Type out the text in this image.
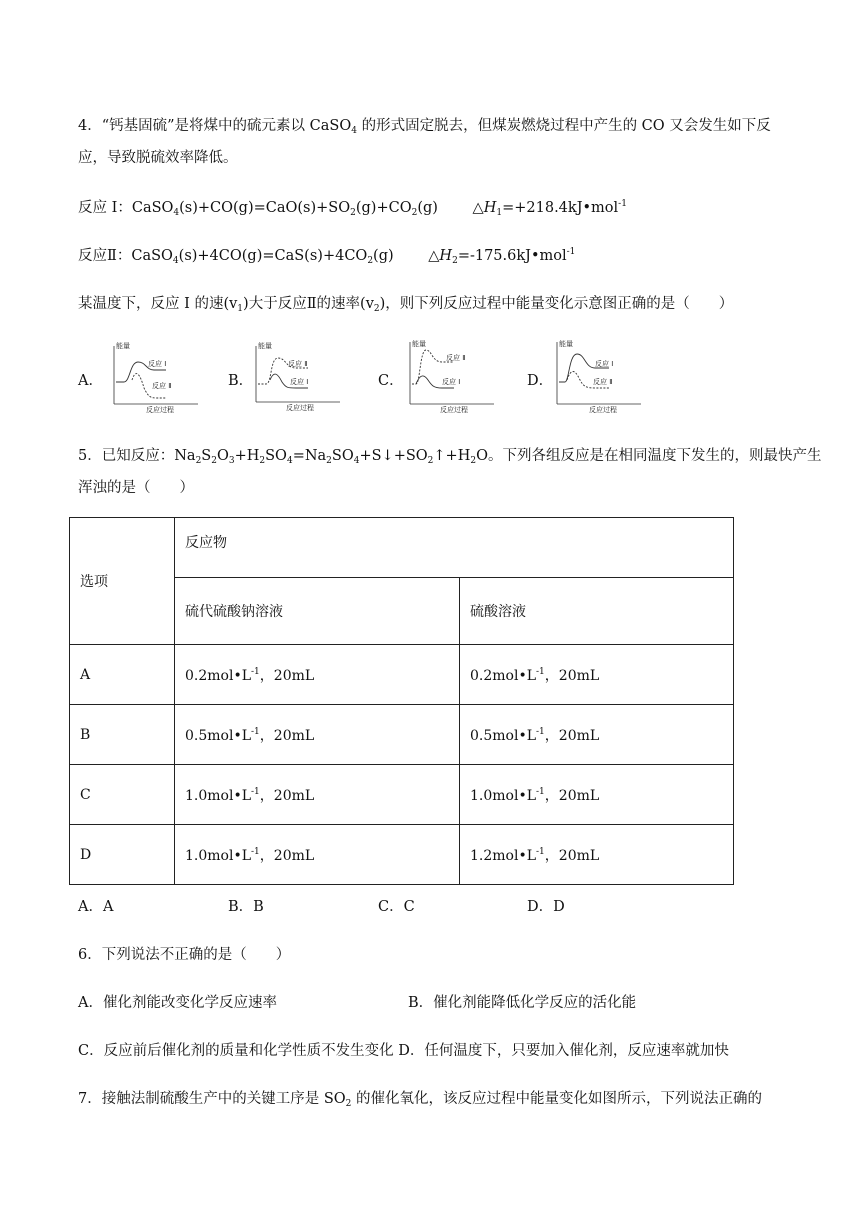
4．“钙基固硫”是将煤中的硫元素以 CaSO$_4$ 的形式固定脱去，但煤炭燃烧过程中产生的 CO 又会发生如下反
应，导致脱硫效率降低。
反应 I：$CaSO_4(s)+CO(g)=CaO(s)+SO_2(g)+CO_2(g)$ $\triangle H_1=+218.4kJ•mol^{-1}$
反应Ⅱ：$CaSO_4(s)+4CO(g)=CaS(s)+4CO_2(g)$ $\triangle H_2=-175.6kJ•mol^{-1}$
某温度下，反应 I 的速$(v_1)$大于反应Ⅱ的速率$(v_2)$，则下列反应过程中能量变化示意图正确的是（　　）
A．
能量
反应过程
反应 I
反应 Ⅱ	B．
能量
反应过程
反应 Ⅱ
反应 I	C．
能量
反应过程
反应 Ⅱ
反应 I	D．
能量
反应过程
反应 I
反应 Ⅱ
5．已知反应：$Na_2S_2O_3+H_2SO_4=Na_2SO_4+S↓+SO_2↑+H_2O$。下列各组反应是在相同温度下发生的，则最快产生
浑浊的是（　　）
选项	反应物	
	硫代硫酸钠溶液	硫酸溶液
A	$0.2mol•L^{-1}$，20mL	$0.2mol•L^{-1}$，20mL
B	$0.5mol•L^{-1}$，20mL	$0.5mol•L^{-1}$，20mL
C	$1.0mol•L^{-1}$，20mL	$1.0mol•L^{-1}$，20mL
D	$1.0mol•L^{-1}$，20mL	$1.2mol•L^{-1}$，20mL
A．A	B．B	C．C	D．D
6．下列说法不正确的是（　　）
A．催化剂能改变化学反应速率	B．催化剂能降低化学反应的活化能
C．反应前后催化剂的质量和化学性质不发生变化 D．任何温度下，只要加入催化剂，反应速率就加快
7．接触法制硫酸生产中的关键工序是 $SO_2$ 的催化氧化，该反应过程中能量变化如图所示，下列说法正确的
